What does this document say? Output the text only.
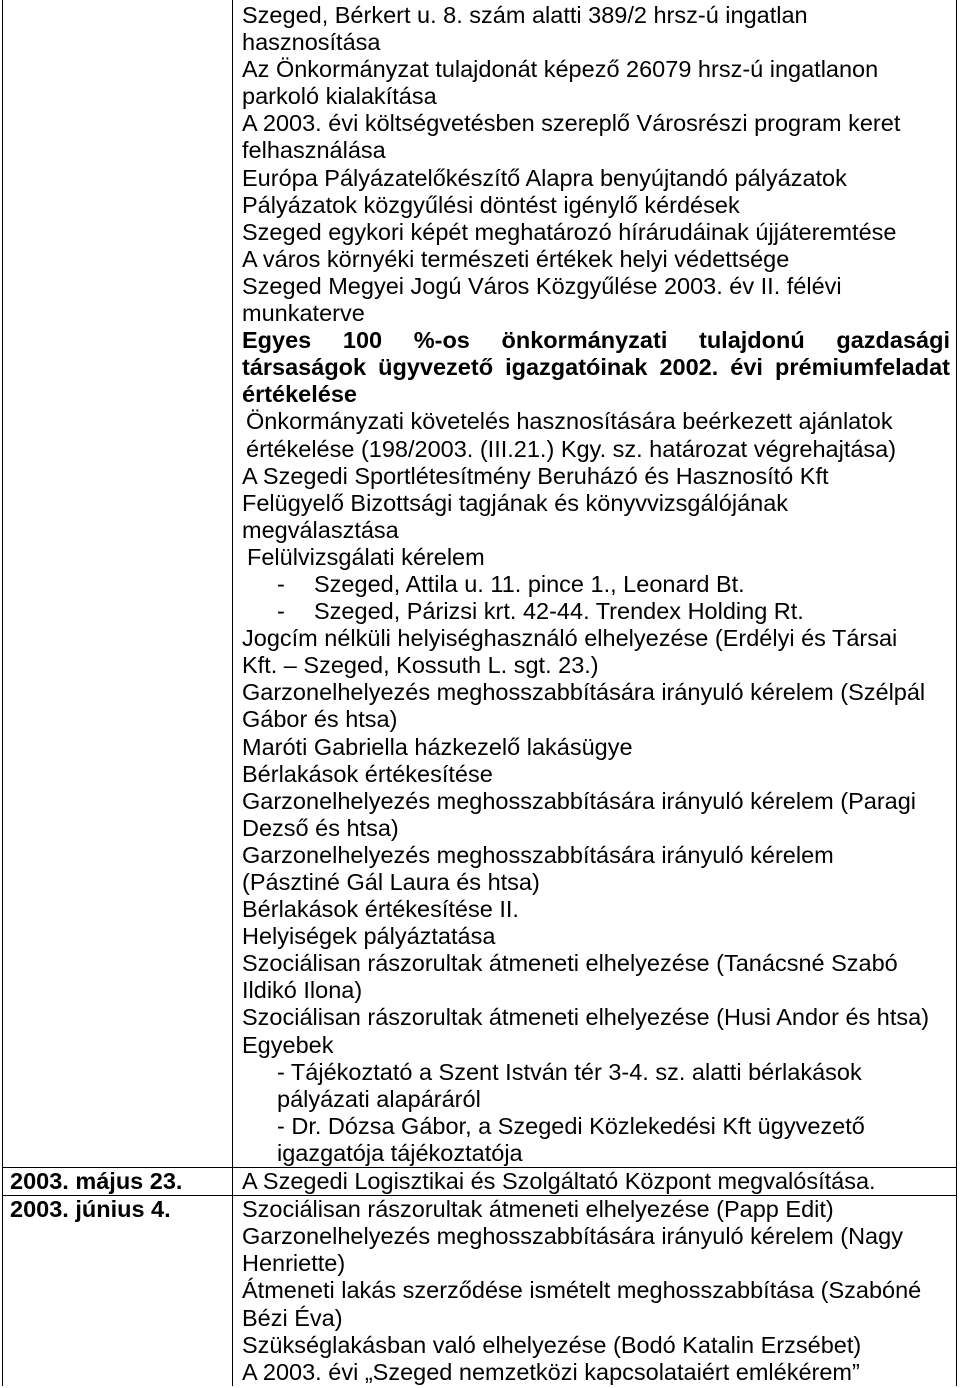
Szeged, Bérkert u. 8. szám alatti 389/2 hrsz-ú ingatlan
hasznosítása
Az Önkormányzat tulajdonát képező 26079 hrsz-ú ingatlanon
parkoló kialakítása
A 2003. évi költségvetésben szereplő Városrészi program keret
felhasználása
Európa Pályázatelőkészítő Alapra benyújtandó pályázatok
Pályázatok közgyűlési döntést igénylő kérdések
Szeged egykori képét meghatározó hírárudáinak újjáteremtése
A város környéki természeti értékek helyi védettsége
Szeged Megyei Jogú Város Közgyűlése 2003. év II. félévi
munkaterve
Egyes 100 %-os önkormányzati tulajdonú gazdasági
társaságok ügyvezető igazgatóinak 2002. évi prémiumfeladat
értékelése
Önkormányzati követelés hasznosítására beérkezett ajánlatok
értékelése (198/2003. (III.21.) Kgy. sz. határozat végrehajtása)
A Szegedi Sportlétesítmény Beruházó és Hasznosító Kft
Felügyelő Bizottsági tagjának és könyvvizsgálójának
megválasztása
Felülvizsgálati kérelem
- Szeged, Attila u. 11. pince 1., Leonard Bt.
- Szeged, Párizsi krt. 42-44. Trendex Holding Rt.
Jogcím nélküli helyiséghasználó elhelyezése (Erdélyi és Társai
Kft. – Szeged, Kossuth L. sgt. 23.)
Garzonelhelyezés meghosszabbítására irányuló kérelem (Szélpál
Gábor és htsa)
Maróti Gabriella házkezelő lakásügye
Bérlakások értékesítése
Garzonelhelyezés meghosszabbítására irányuló kérelem (Paragi
Dezső és htsa)
Garzonelhelyezés meghosszabbítására irányuló kérelem
(Pásztiné Gál Laura és htsa)
Bérlakások értékesítése II.
Helyiségek pályáztatása
Szociálisan rászorultak átmeneti elhelyezése (Tanácsné Szabó
Ildikó Ilona)
Szociálisan rászorultak átmeneti elhelyezése (Husi Andor és htsa)
Egyebek
- Tájékoztató a Szent István tér 3-4. sz. alatti bérlakások
pályázati alapáráról
- Dr. Dózsa Gábor, a Szegedi Közlekedési Kft ügyvezető
igazgatója tájékoztatója
2003. május 23.	A Szegedi Logisztikai és Szolgáltató Központ megvalósítása.
2003. június 4.	Szociálisan rászorultak átmeneti elhelyezése (Papp Edit)
Garzonelhelyezés meghosszabbítására irányuló kérelem (Nagy
Henriette)
Átmeneti lakás szerződése ismételt meghosszabbítása (Szabóné
Bézi Éva)
Szükséglakásban való elhelyezése (Bodó Katalin Erzsébet)
A 2003. évi „Szeged nemzetközi kapcsolataiért emlékérem”
